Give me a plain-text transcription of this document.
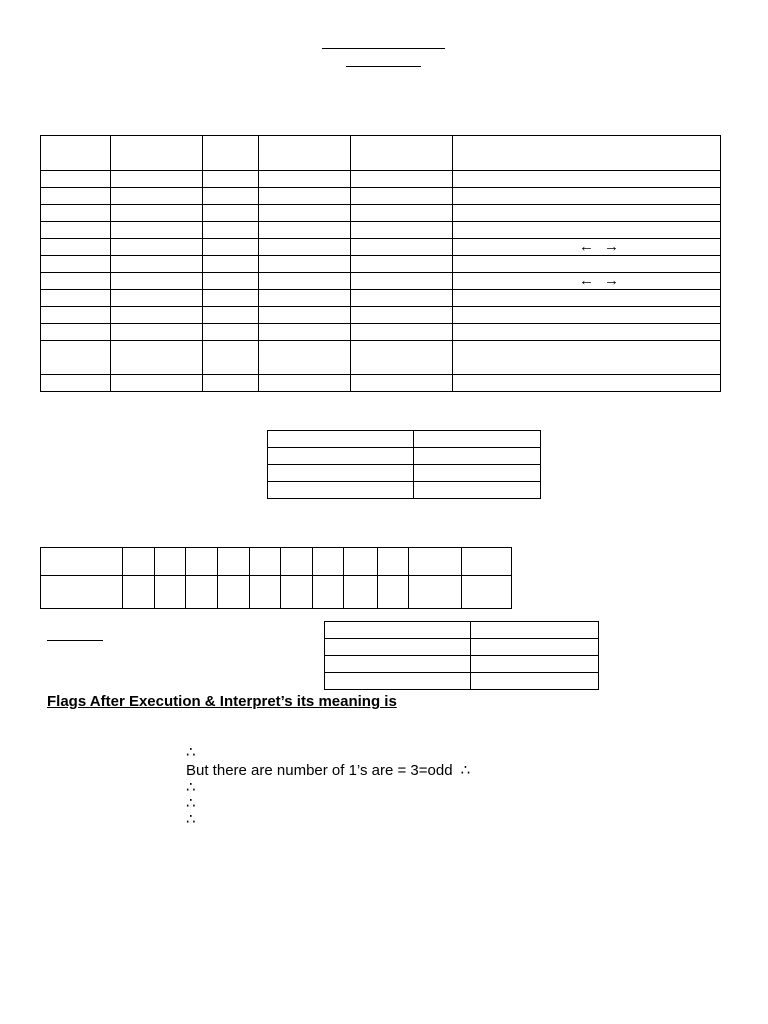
					←→

					←→

Flags After Execution & Interpret’s its meaning is
∴
But there are number of 1’s are = 3=odd ∴
∴
∴
∴
